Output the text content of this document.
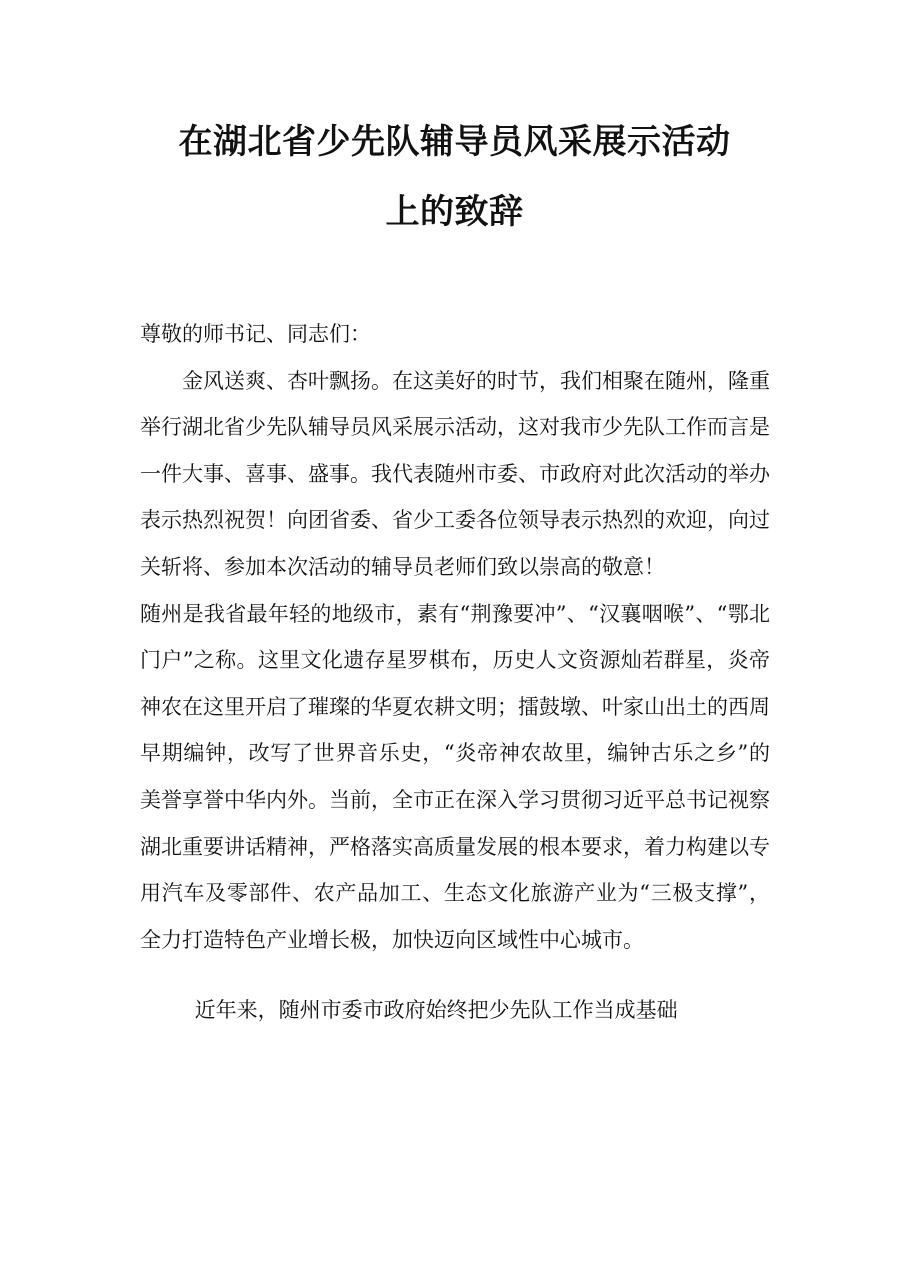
在湖北省少先队辅导员风采展示活动
上的致辞

尊敬的师书记、同志们：

金风送爽、杏叶飘扬。在这美好的时节，我们相聚在随州，隆重举行湖北省少先队辅导员风采展示活动，这对我市少先队工作而言是一件大事、喜事、盛事。我代表随州市委、市政府对此次活动的举办表示热烈祝贺！向团省委、省少工委各位领导表示热烈的欢迎，向过关斩将、参加本次活动的辅导员老师们致以崇高的敬意！

随州是我省最年轻的地级市，素有“荆豫要冲”、“汉襄咽喉”、“鄂北门户”之称。这里文化遗存星罗棋布，历史人文资源灿若群星，炎帝神农在这里开启了璀璨的华夏农耕文明；擂鼓墩、叶家山出土的西周早期编钟，改写了世界音乐史，“炎帝神农故里，编钟古乐之乡”的美誉享誉中华内外。当前，全市正在深入学习贯彻习近平总书记视察湖北重要讲话精神，严格落实高质量发展的根本要求，着力构建以专用汽车及零部件、农产品加工、生态文化旅游产业为“三极支撑”，全力打造特色产业增长极，加快迈向区域性中心城市。

近年来，随州市委市政府始终把少先队工作当成基础
